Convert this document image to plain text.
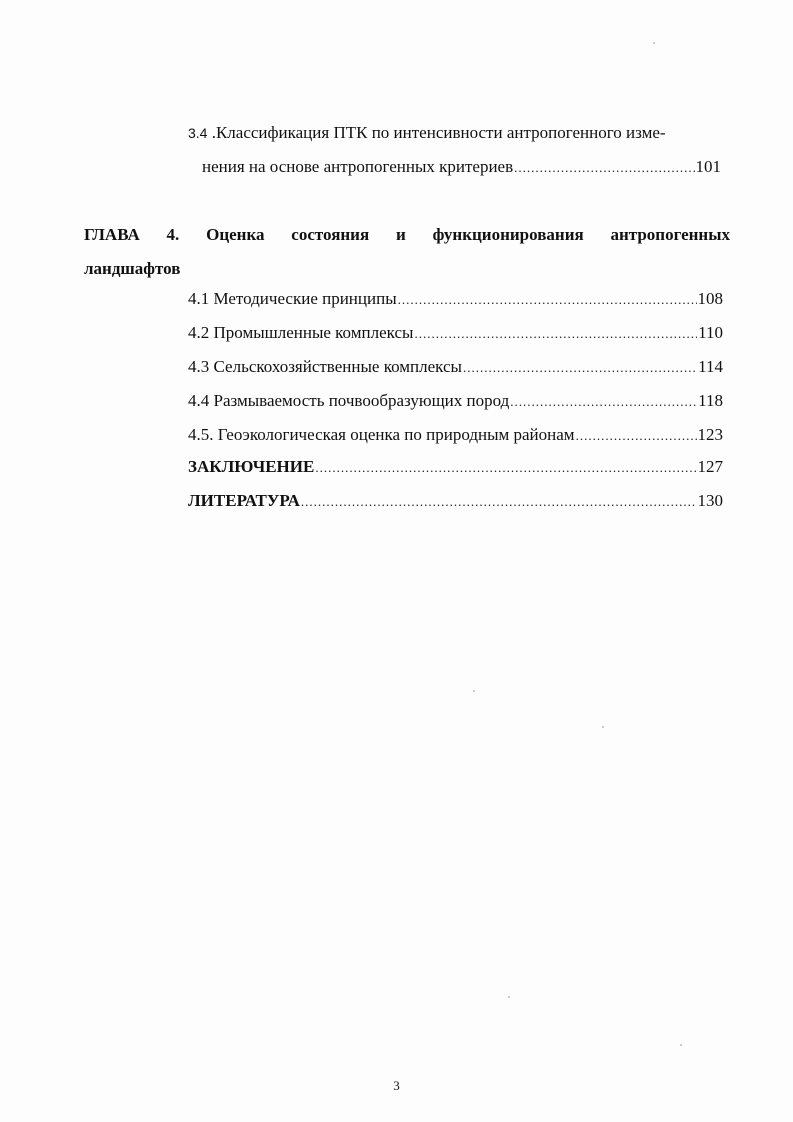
3.4 .Классификация ПТК по интенсивности антропогенного изме-
нения на основе антропогенных критериев .....	101
ГЛАВА 4. Оценка состояния и функционирования антропогенных
ландшафтов
4.1 Методические принципы .....	108
4.2 Промышленные комплексы .....	110
4.3 Сельскохозяйственные комплексы .....	114
4.4 Размываемость почвообразующих пород .....	118
4.5. Геоэкологическая оценка по природным районам .....	123
ЗАКЛЮЧЕНИЕ .....	127
ЛИТЕРАТУРА .....	130
3
